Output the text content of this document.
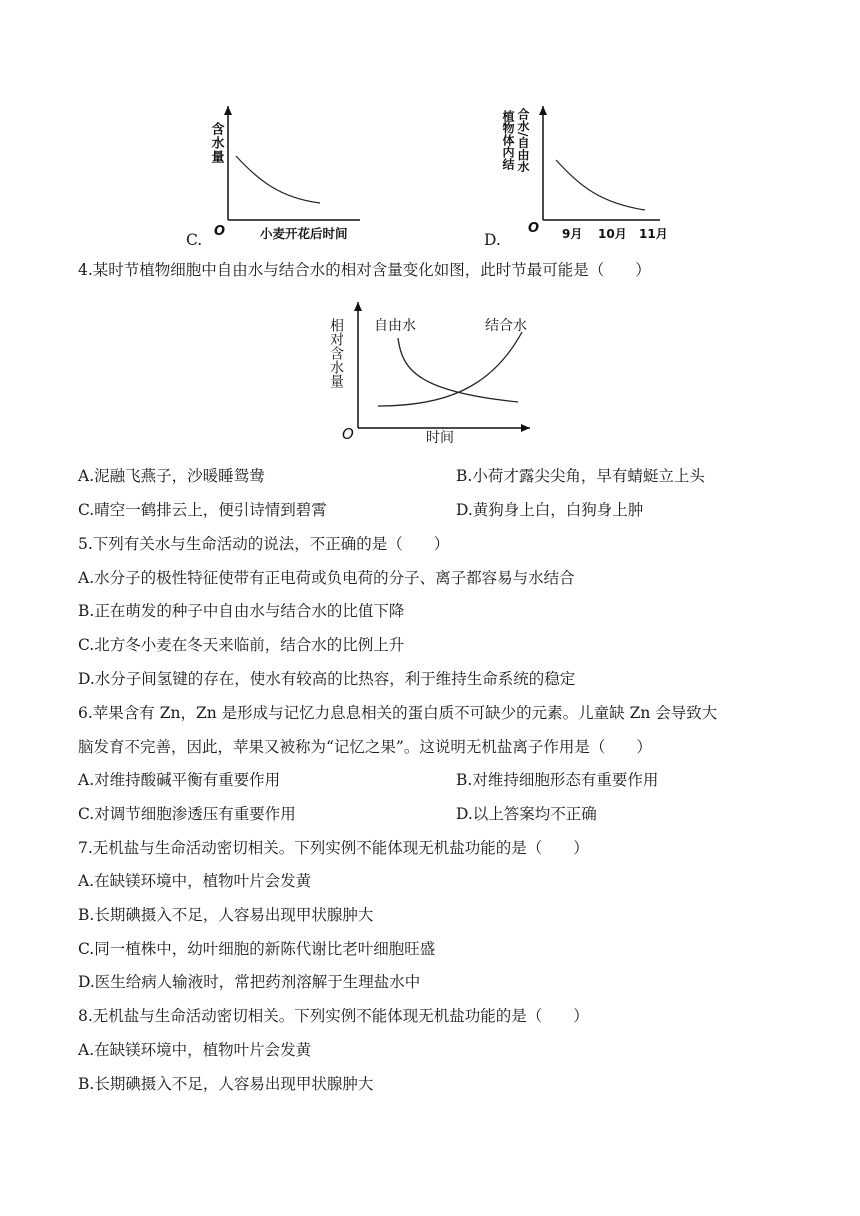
含水量
O	小麦开花后时间
C.
植物体内结 合水/自由水
O 9月 10月 11月
D.
4.某时节植物细胞中自由水与结合水的相对含量变化如图，此时节最可能是（　　）
相对含水量
O	时间
自由水	结合水
A.泥融飞燕子，沙暖睡鸳鸯	B.小荷才露尖尖角，早有蜻蜓立上头
C.晴空一鹤排云上，便引诗情到碧霄	D.黄狗身上白，白狗身上肿
5.下列有关水与生命活动的说法，不正确的是（　　）
A.水分子的极性特征使带有正电荷或负电荷的分子、离子都容易与水结合
B.正在萌发的种子中自由水与结合水的比值下降
C.北方冬小麦在冬天来临前，结合水的比例上升
D.水分子间氢键的存在，使水有较高的比热容，利于维持生命系统的稳定
6.苹果含有 Zn，Zn 是形成与记忆力息息相关的蛋白质不可缺少的元素。儿童缺 Zn 会导致大
脑发育不完善，因此，苹果又被称为“记忆之果”。这说明无机盐离子作用是（　　）
A.对维持酸碱平衡有重要作用	B.对维持细胞形态有重要作用
C.对调节细胞渗透压有重要作用	D.以上答案均不正确
7.无机盐与生命活动密切相关。下列实例不能体现无机盐功能的是（　　）
A.在缺镁环境中，植物叶片会发黄
B.长期碘摄入不足，人容易出现甲状腺肿大
C.同一植株中，幼叶细胞的新陈代谢比老叶细胞旺盛
D.医生给病人输液时，常把药剂溶解于生理盐水中
8.无机盐与生命活动密切相关。下列实例不能体现无机盐功能的是（　　）
A.在缺镁环境中，植物叶片会发黄
B.长期碘摄入不足，人容易出现甲状腺肿大
